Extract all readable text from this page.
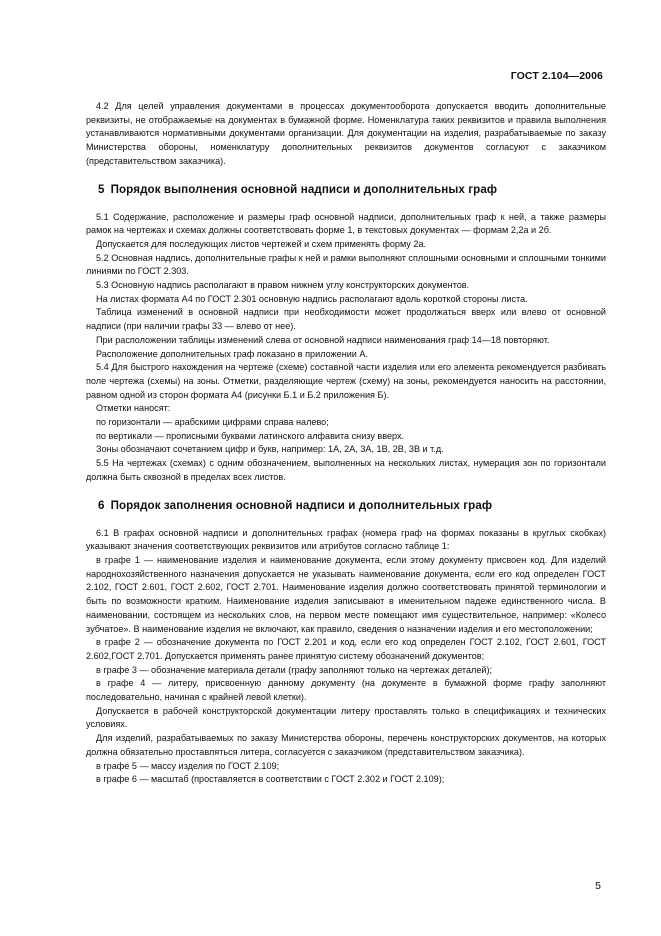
ГОСТ 2.104—2006

4.2 Для целей управления документами в процессах документооборота допускается вводить дополнительные реквизиты, не отображаемые на документах в бумажной форме. Номенклатура таких реквизитов и правила выполнения устанавливаются нормативными документами организации. Для документации на изделия, разрабатываемые по заказу Министерства обороны, номенклатуру дополнительных реквизитов документов согласуют с заказчиком (представительством заказчика).

5 Порядок выполнения основной надписи и дополнительных граф

5.1 Содержание, расположение и размеры граф основной надписи, дополнительных граф к ней, а также размеры рамок на чертежах и схемах должны соответствовать форме 1, в текстовых документах — формам 2,2а и 2б.

Допускается для последующих листов чертежей и схем применять форму 2а.

5.2 Основная надпись, дополнительные графы к ней и рамки выполняют сплошными основными и сплошными тонкими линиями по ГОСТ 2.303.

5.3 Основную надпись располагают в правом нижнем углу конструкторских документов.

На листах формата А4 по ГОСТ 2.301 основную надпись располагают вдоль короткой стороны листа.

Таблица изменений в основной надписи при необходимости может продолжаться вверх или влево от основной надписи (при наличии графы 33 — влево от нее).

При расположении таблицы изменений слева от основной надписи наименования граф 14—18 повторяют.

Расположение дополнительных граф показано в приложении А.

5.4 Для быстрого нахождения на чертеже (схеме) составной части изделия или его элемента рекомендуется разбивать поле чертежа (схемы) на зоны. Отметки, разделяющие чертеж (схему) на зоны, рекомендуется наносить на расстоянии, равном одной из сторон формата А4 (рисунки Б.1 и Б.2 приложения Б).

Отметки наносят:

по горизонтали — арабскими цифрами справа налево;

по вертикали — прописными буквами латинского алфавита снизу вверх.

Зоны обозначают сочетанием цифр и букв, например: 1А, 2А, 3А, 1В, 2В, 3В и т.д.

5.5 На чертежах (схемах) с одним обозначением, выполненных на нескольких листах, нумерация зон по горизонтали должна быть сквозной в пределах всех листов.

6 Порядок заполнения основной надписи и дополнительных граф

6.1 В графах основной надписи и дополнительных графах (номера граф на формах показаны в круглых скобках) указывают значения соответствующих реквизитов или атрибутов согласно таблице 1:

в графе 1 — наименование изделия и наименование документа, если этому документу присвоен код. Для изделий народнохозяйственного назначения допускается не указывать наименование документа, если его код определен ГОСТ 2.102, ГОСТ 2.601, ГОСТ 2.602, ГОСТ 2.701. Наименование изделия должно соответствовать принятой терминологии и быть по возможности кратким. Наименование изделия записывают в именительном падеже единственного числа. В наименовании, состоящем из нескольких слов, на первом месте помещают имя существительное, например: «Колесо зубчатое». В наименование изделия не включают, как правило, сведения о назначении изделия и его местоположении;

в графе 2 — обозначение документа по ГОСТ 2.201 и код, если его код определен ГОСТ 2.102, ГОСТ 2.601, ГОСТ 2.602,ГОСТ 2.701. Допускается применять ранее принятую систему обозначений документов;

в графе 3 — обозначение материала детали (графу заполняют только на чертежах деталей);

в графе 4 — литеру, присвоенную данному документу (на документе в бумажной форме графу заполняют последовательно, начиная с крайней левой клетки).

Допускается в рабочей конструкторской документации литеру проставлять только в спецификациях и технических условиях.

Для изделий, разрабатываемых по заказу Министерства обороны, перечень конструкторских документов, на которых должна обязательно проставляться литера, согласуется с заказчиком (представительством заказчика).

в графе 5 — массу изделия по ГОСТ 2.109;

в графе 6 — масштаб (проставляется в соответствии с ГОСТ 2.302 и ГОСТ 2.109);

5
